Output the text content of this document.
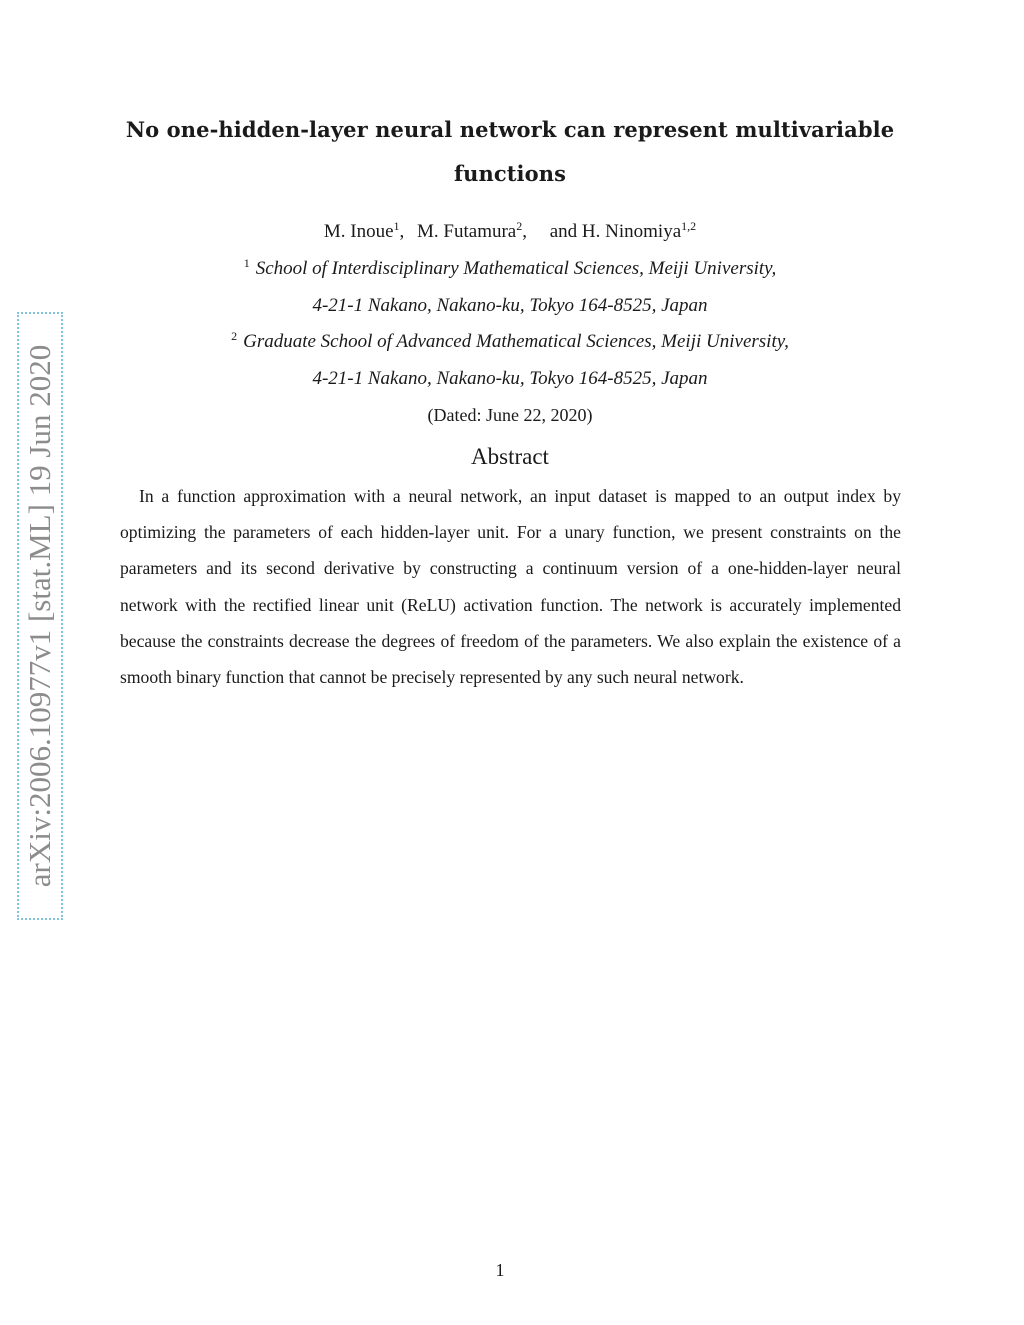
arXiv:2006.10977v1 [stat.ML] 19 Jun 2020
No one-hidden-layer neural network can represent multivariable
functions
M. Inoue$^1$, M. Futamura$^2$, and H. Ninomiya$^{1,2}$
$^1$ School of Interdisciplinary Mathematical Sciences, Meiji University,
4-21-1 Nakano, Nakano-ku, Tokyo 164-8525, Japan
$^2$ Graduate School of Advanced Mathematical Sciences, Meiji University,
4-21-1 Nakano, Nakano-ku, Tokyo 164-8525, Japan
(Dated: June 22, 2020)
Abstract
In a function approximation with a neural network, an input dataset is mapped to an output index by optimizing the parameters of each hidden-layer unit. For a unary function, we present constraints on the parameters and its second derivative by constructing a continuum version of a one-hidden-layer neural network with the rectified linear unit (ReLU) activation function. The network is accurately implemented because the constraints decrease the degrees of freedom of the parameters. We also explain the existence of a smooth binary function that cannot be precisely represented by any such neural network.
1
